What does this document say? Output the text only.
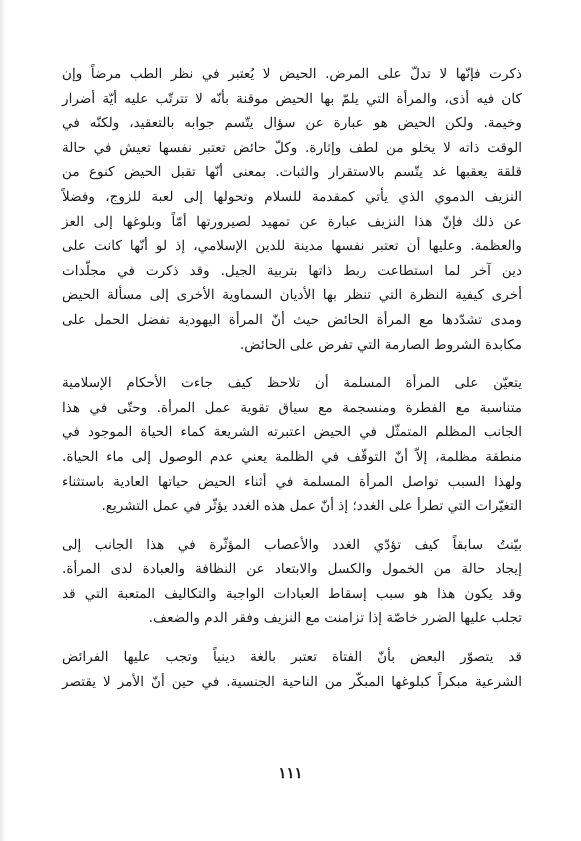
ذكرت فإنّها لا تدلّ على المرض. الحيض لا يُعتبر في نظر الطب مرضاً وإن
كان فيه أذى، والمرأة التي يلمّ بها الحيض موقنة بأنّه لا تترتّب عليه أيّة أضرار
وخيمة. ولكن الحيض هو عبارة عن سؤال يتّسم جوابه بالتعقيد، ولكنّه في
الوقت ذاته لا يخلو من لطف وإثارة. وكلّ حائض تعتبر نفسها تعيش في حالة
قلقة يعقبها غد يتّسم بالاستقرار والثبات. بمعنى أنّها تقبل الحيض كنوع من
النزيف الدموي الذي يأتي كمقدمة للسلام وتحولها إلى لعبة للزوج، وفضلاً
عن ذلك فإنّ هذا النزيف عبارة عن تمهيد لصيرورتها أمّاً وبلوغها إلى العز
والعظمة. وعليها أن تعتبر نفسها مدينة للدين الإسلامي، إذ لو أنّها كانت على
دين آخر لما استطاعت ربط ذاتها بتربية الجيل. وقد ذكرت في مجلّدات
أخرى كيفية النظرة التي تنظر بها الأديان السماوية الأخرى إلى مسألة الحيض
ومدى تشدّدها مع المرأة الحائض حيث أنّ المرأة اليهودية تفضل الحمل على
مكابدة الشروط الصارمة التي تفرض على الحائض.

يتعيّن على المرأة المسلمة أن تلاحظ كيف جاءت الأحكام الإسلامية
متناسبة مع الفطرة ومنسجمة مع سياق تقوية عمل المرأة. وحتّى في هذا
الجانب المظلم المتمثّل في الحيض اعتبرته الشريعة كماء الحياة الموجود في
منطقة مظلمة، إلاّ أنّ التوقّف في الظلمة يعني عدم الوصول إلى ماء الحياة.
ولهذا السبب تواصل المرأة المسلمة في أثناء الحيض حياتها العادية باستثناء
التغيّرات التي تطرأ على الغدد؛ إذ أنّ عمل هذه الغدد يؤثّر في عمل التشريع.

بيّنتُ سابقاً كيف تؤدّي الغدد والأعصاب المؤثّرة في هذا الجانب إلى
إيجاد حالة من الخمول والكسل والابتعاد عن النظافة والعبادة لدى المرأة.
وقد يكون هذا هو سبب إسقاط العبادات الواجبة والتكاليف المتعبة التي قد
تجلب عليها الضرر خاصّة إذا تزامنت مع النزيف وفقر الدم والضعف.

قد يتصوّر البعض بأنّ الفتاة تعتبر بالغة دينياً وتجب عليها الفرائض
الشرعية مبكراً كبلوغها المبكّر من الناحية الجنسية. في حين أنّ الأمر لا يقتصر

١١١
